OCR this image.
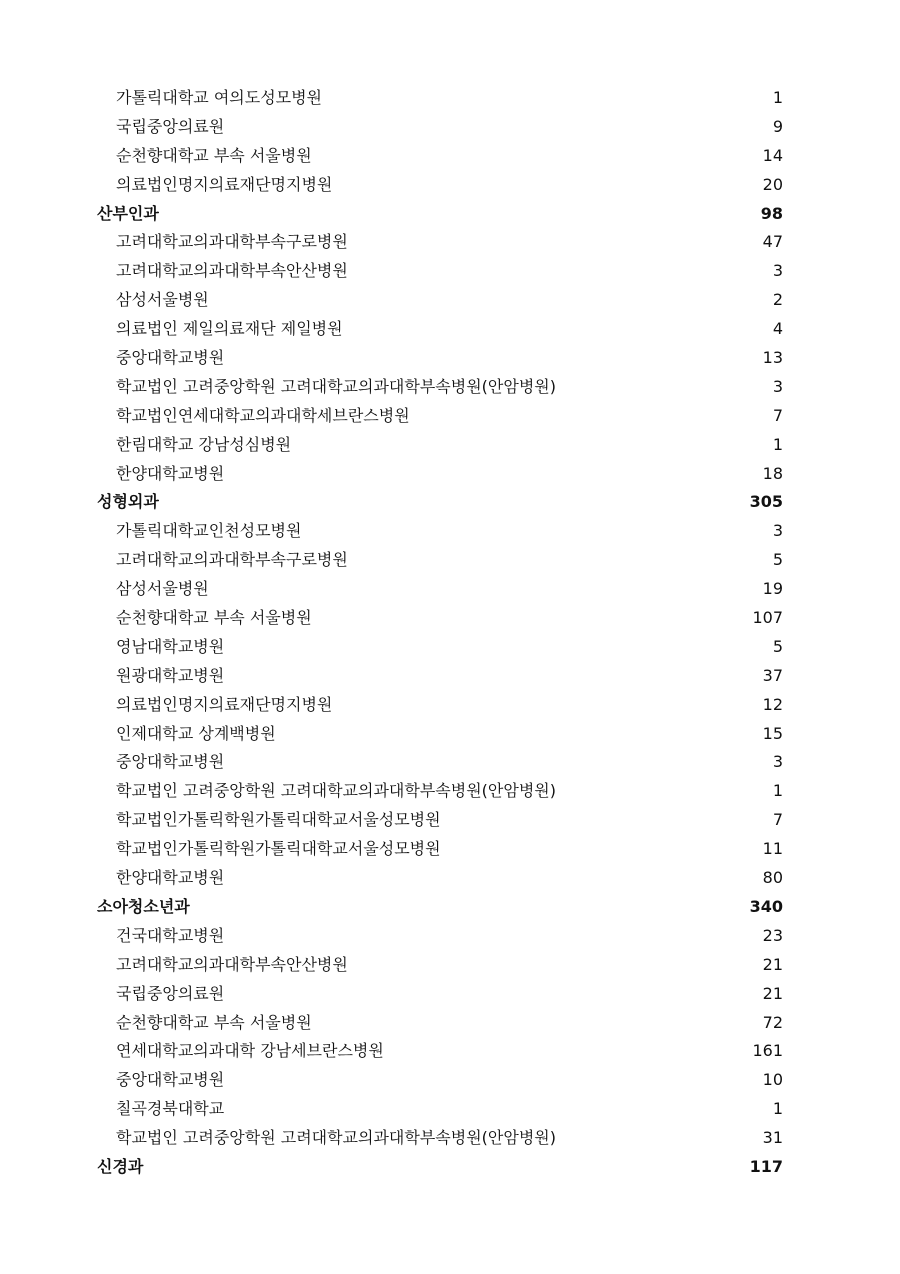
가톨릭대학교 여의도성모병원	1
국립중앙의료원	9
순천향대학교 부속 서울병원	14
의료법인명지의료재단명지병원	20
산부인과	98
고려대학교의과대학부속구로병원	47
고려대학교의과대학부속안산병원	3
삼성서울병원	2
의료법인 제일의료재단 제일병원	4
중앙대학교병원	13
학교법인 고려중앙학원 고려대학교의과대학부속병원(안암병원)	3
학교법인연세대학교의과대학세브란스병원	7
한림대학교 강남성심병원	1
한양대학교병원	18
성형외과	305
가톨릭대학교인천성모병원	3
고려대학교의과대학부속구로병원	5
삼성서울병원	19
순천향대학교 부속 서울병원	107
영남대학교병원	5
원광대학교병원	37
의료법인명지의료재단명지병원	12
인제대학교 상계백병원	15
중앙대학교병원	3
학교법인 고려중앙학원 고려대학교의과대학부속병원(안암병원)	1
학교법인가톨릭학원가톨릭대학교서울성모병원	7
학교법인가톨릭학원가톨릭대학교서울성모병원	11
한양대학교병원	80
소아청소년과	340
건국대학교병원	23
고려대학교의과대학부속안산병원	21
국립중앙의료원	21
순천향대학교 부속 서울병원	72
연세대학교의과대학 강남세브란스병원	161
중앙대학교병원	10
칠곡경북대학교	1
학교법인 고려중앙학원 고려대학교의과대학부속병원(안암병원)	31
신경과	117
